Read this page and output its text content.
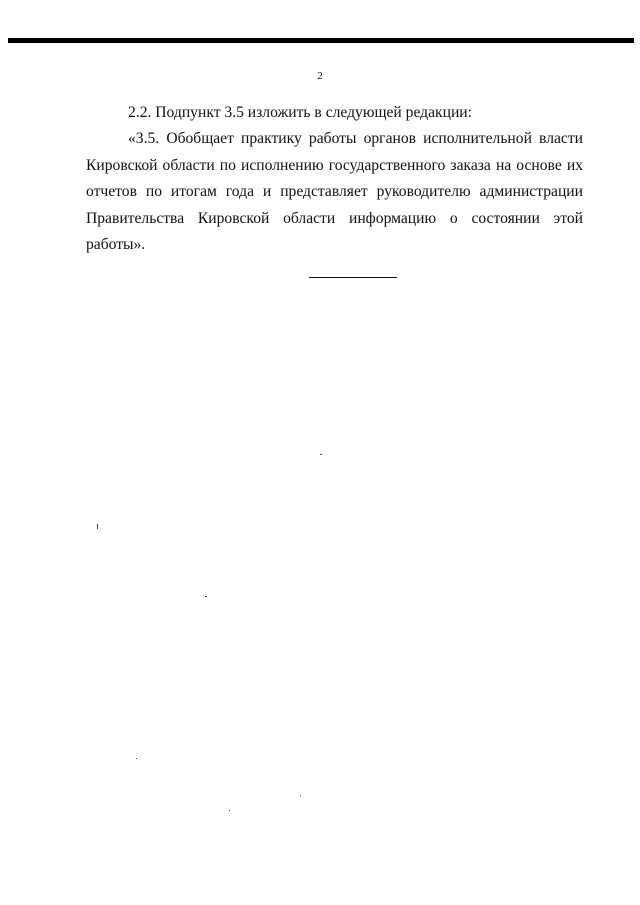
2

2.2. Подпункт 3.5 изложить в следующей редакции:

«3.5. Обобщает практику работы органов исполнительной власти Кировской области по исполнению государственного заказа на основе их отчетов по итогам года и представляет руководителю администрации Правительства Кировской области информацию о состоянии этой работы».
